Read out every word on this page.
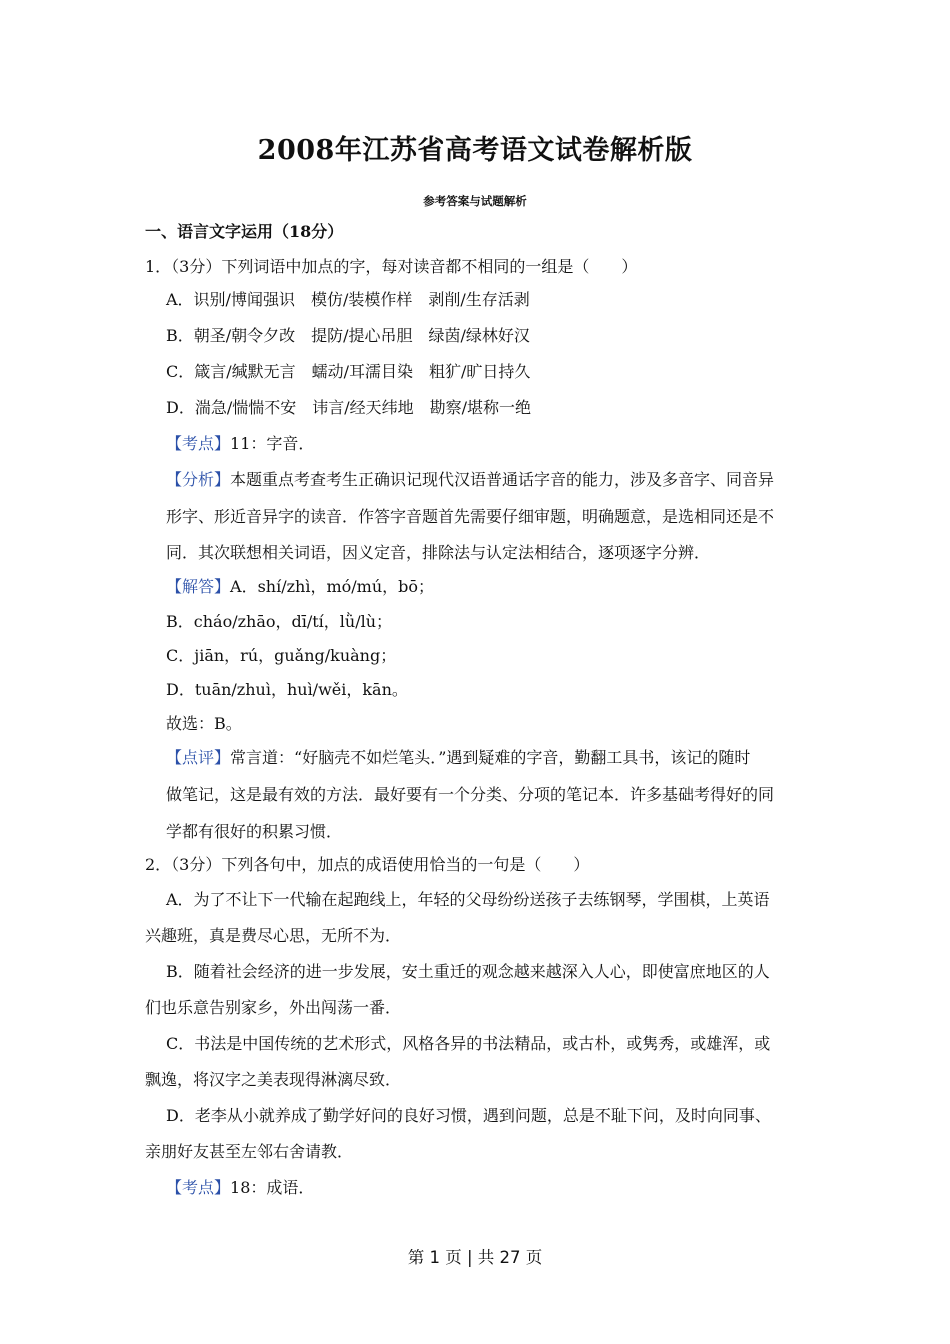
2008年江苏省高考语文试卷解析版
参考答案与试题解析
一、语言文字运用（18分）
1．（3分）下列词语中加点的字，每对读音都不相同的一组是（　　）
A．识别/博闻强识　模仿/装模作样　剥削/生存活剥
B．朝圣/朝令夕改　提防/提心吊胆　绿茵/绿林好汉
C．箴言/缄默无言　蠕动/耳濡目染　粗犷/旷日持久
D．湍急/惴惴不安　讳言/经天纬地　勘察/堪称一绝
【考点】11：字音．
【分析】本题重点考查考生正确识记现代汉语普通话字音的能力，涉及多音字、同音异
形字、形近音异字的读音．作答字音题首先需要仔细审题，明确题意，是选相同还是不
同．其次联想相关词语，因义定音，排除法与认定法相结合，逐项逐字分辨．
【解答】A．shí/zhì，mó/mú，bō；
B．cháo/zhāo，dī/tí，lǜ/lù；
C．jiān，rú，guǎng/kuàng；
D．tuān/zhuì，huì/wěi，kān。
故选：B。
【点评】常言道：“好脑壳不如烂笔头．”遇到疑难的字音，勤翻工具书，该记的随时
做笔记，这是最有效的方法．最好要有一个分类、分项的笔记本．许多基础考得好的同
学都有很好的积累习惯．
2．（3分）下列各句中，加点的成语使用恰当的一句是（　　）
A．为了不让下一代输在起跑线上，年轻的父母纷纷送孩子去练钢琴，学围棋，上英语
兴趣班，真是费尽心思，无所不为．
B．随着社会经济的进一步发展，安土重迁的观念越来越深入人心，即使富庶地区的人
们也乐意告别家乡，外出闯荡一番．
C．书法是中国传统的艺术形式，风格各异的书法精品，或古朴，或隽秀，或雄浑，或
飘逸，将汉字之美表现得淋漓尽致．
D．老李从小就养成了勤学好问的良好习惯，遇到问题，总是不耻下问，及时向同事、
亲朋好友甚至左邻右舍请教．
【考点】18：成语．
第 1 页 | 共 27 页
